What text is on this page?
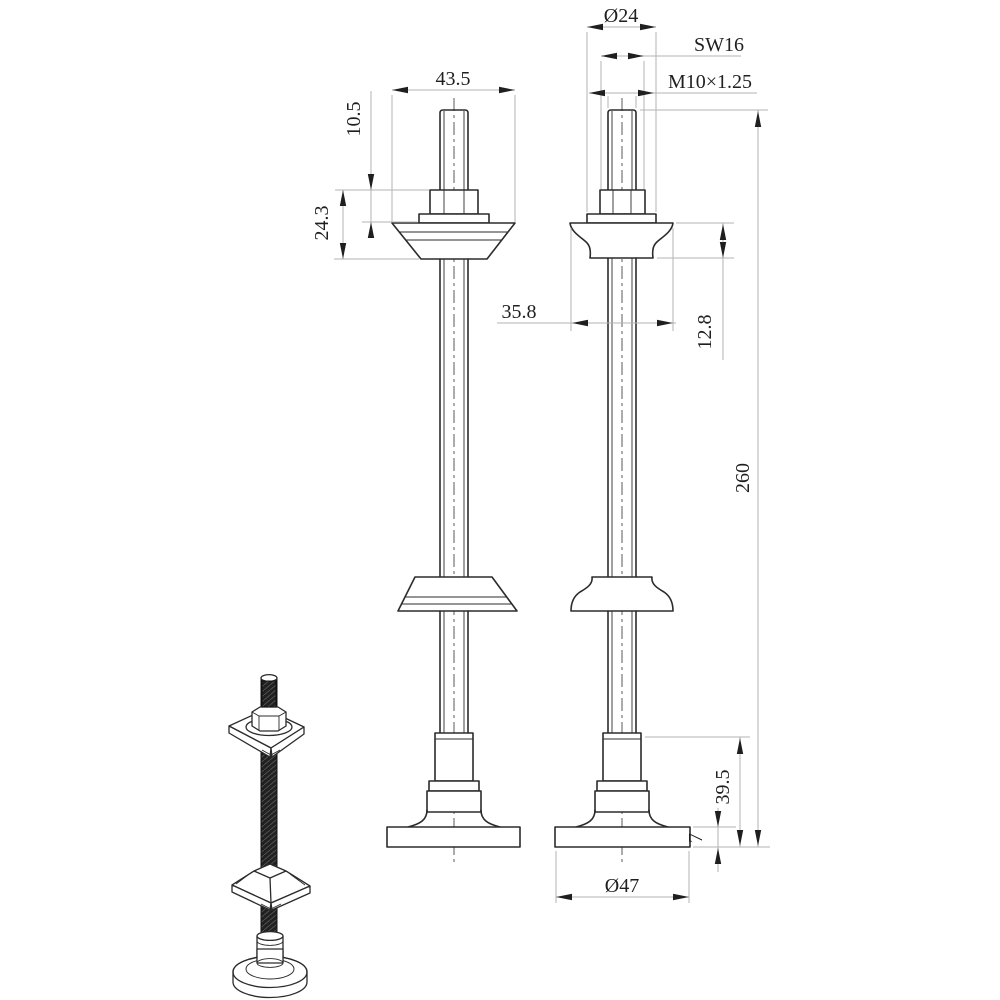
43.5
10.5
24.3
Ø24
SW16
M10×1.25
35.8
12.8
260
39.5
7
Ø47
